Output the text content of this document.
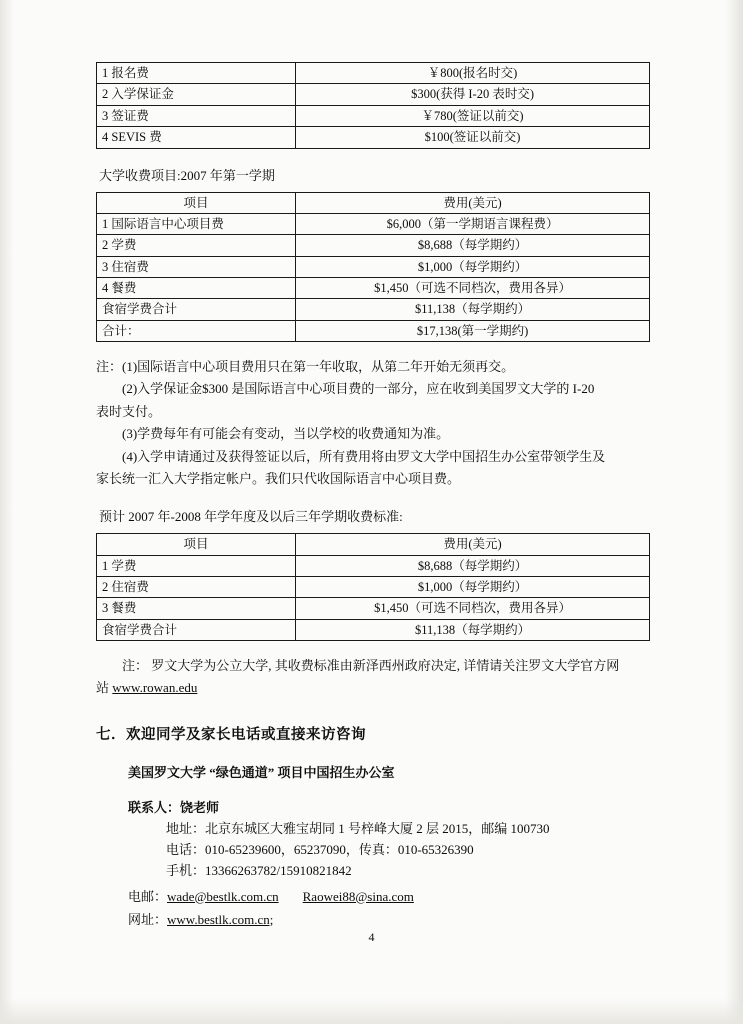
1 报名费	￥800(报名时交)
2 入学保证金	$300(获得 I-20 表时交)
3 签证费	￥780(签证以前交)
4 SEVIS 费	$100(签证以前交)
大学收费项目:2007 年第一学期
项目	费用(美元)
1 国际语言中心项目费	$6,000（第一学期语言课程费）
2 学费	$8,688（每学期约）
3 住宿费	$1,000（每学期约）
4 餐费	$1,450（可选不同档次，费用各异）
食宿学费合计	$11,138（每学期约）
合计：	$17,138(第一学期约)
注：(1)国际语言中心项目费用只在第一年收取，从第二年开始无须再交。
(2)入学保证金$300 是国际语言中心项目费的一部分，应在收到美国罗文大学的 I-20
表时支付。
(3)学费每年有可能会有变动，当以学校的收费通知为准。
(4)入学申请通过及获得签证以后，所有费用将由罗文大学中国招生办公室带领学生及
家长统一汇入大学指定帐户。我们只代收国际语言中心项目费。
预计 2007 年-2008 年学年度及以后三年学期收费标准:
项目	费用(美元)
1 学费	$8,688（每学期约）
2 住宿费	$1,000（每学期约）
3 餐费	$1,450（可选不同档次，费用各异）
食宿学费合计	$11,138（每学期约）
注： 罗文大学为公立大学, 其收费标准由新泽西州政府决定, 详情请关注罗文大学官方网
站 www.rowan.edu
七．欢迎同学及家长电话或直接来访咨询
美国罗文大学 “绿色通道” 项目中国招生办公室
联系人：饶老师
地址：北京东城区大雅宝胡同 1 号梓峰大厦 2 层 2015，邮编 100730
电话：010-65239600，65237090，传真：010-65326390
手机：13366263782/15910821842
电邮：wade@bestlk.com.cn Raowei88@sina.com
网址：www.bestlk.com.cn;
4
